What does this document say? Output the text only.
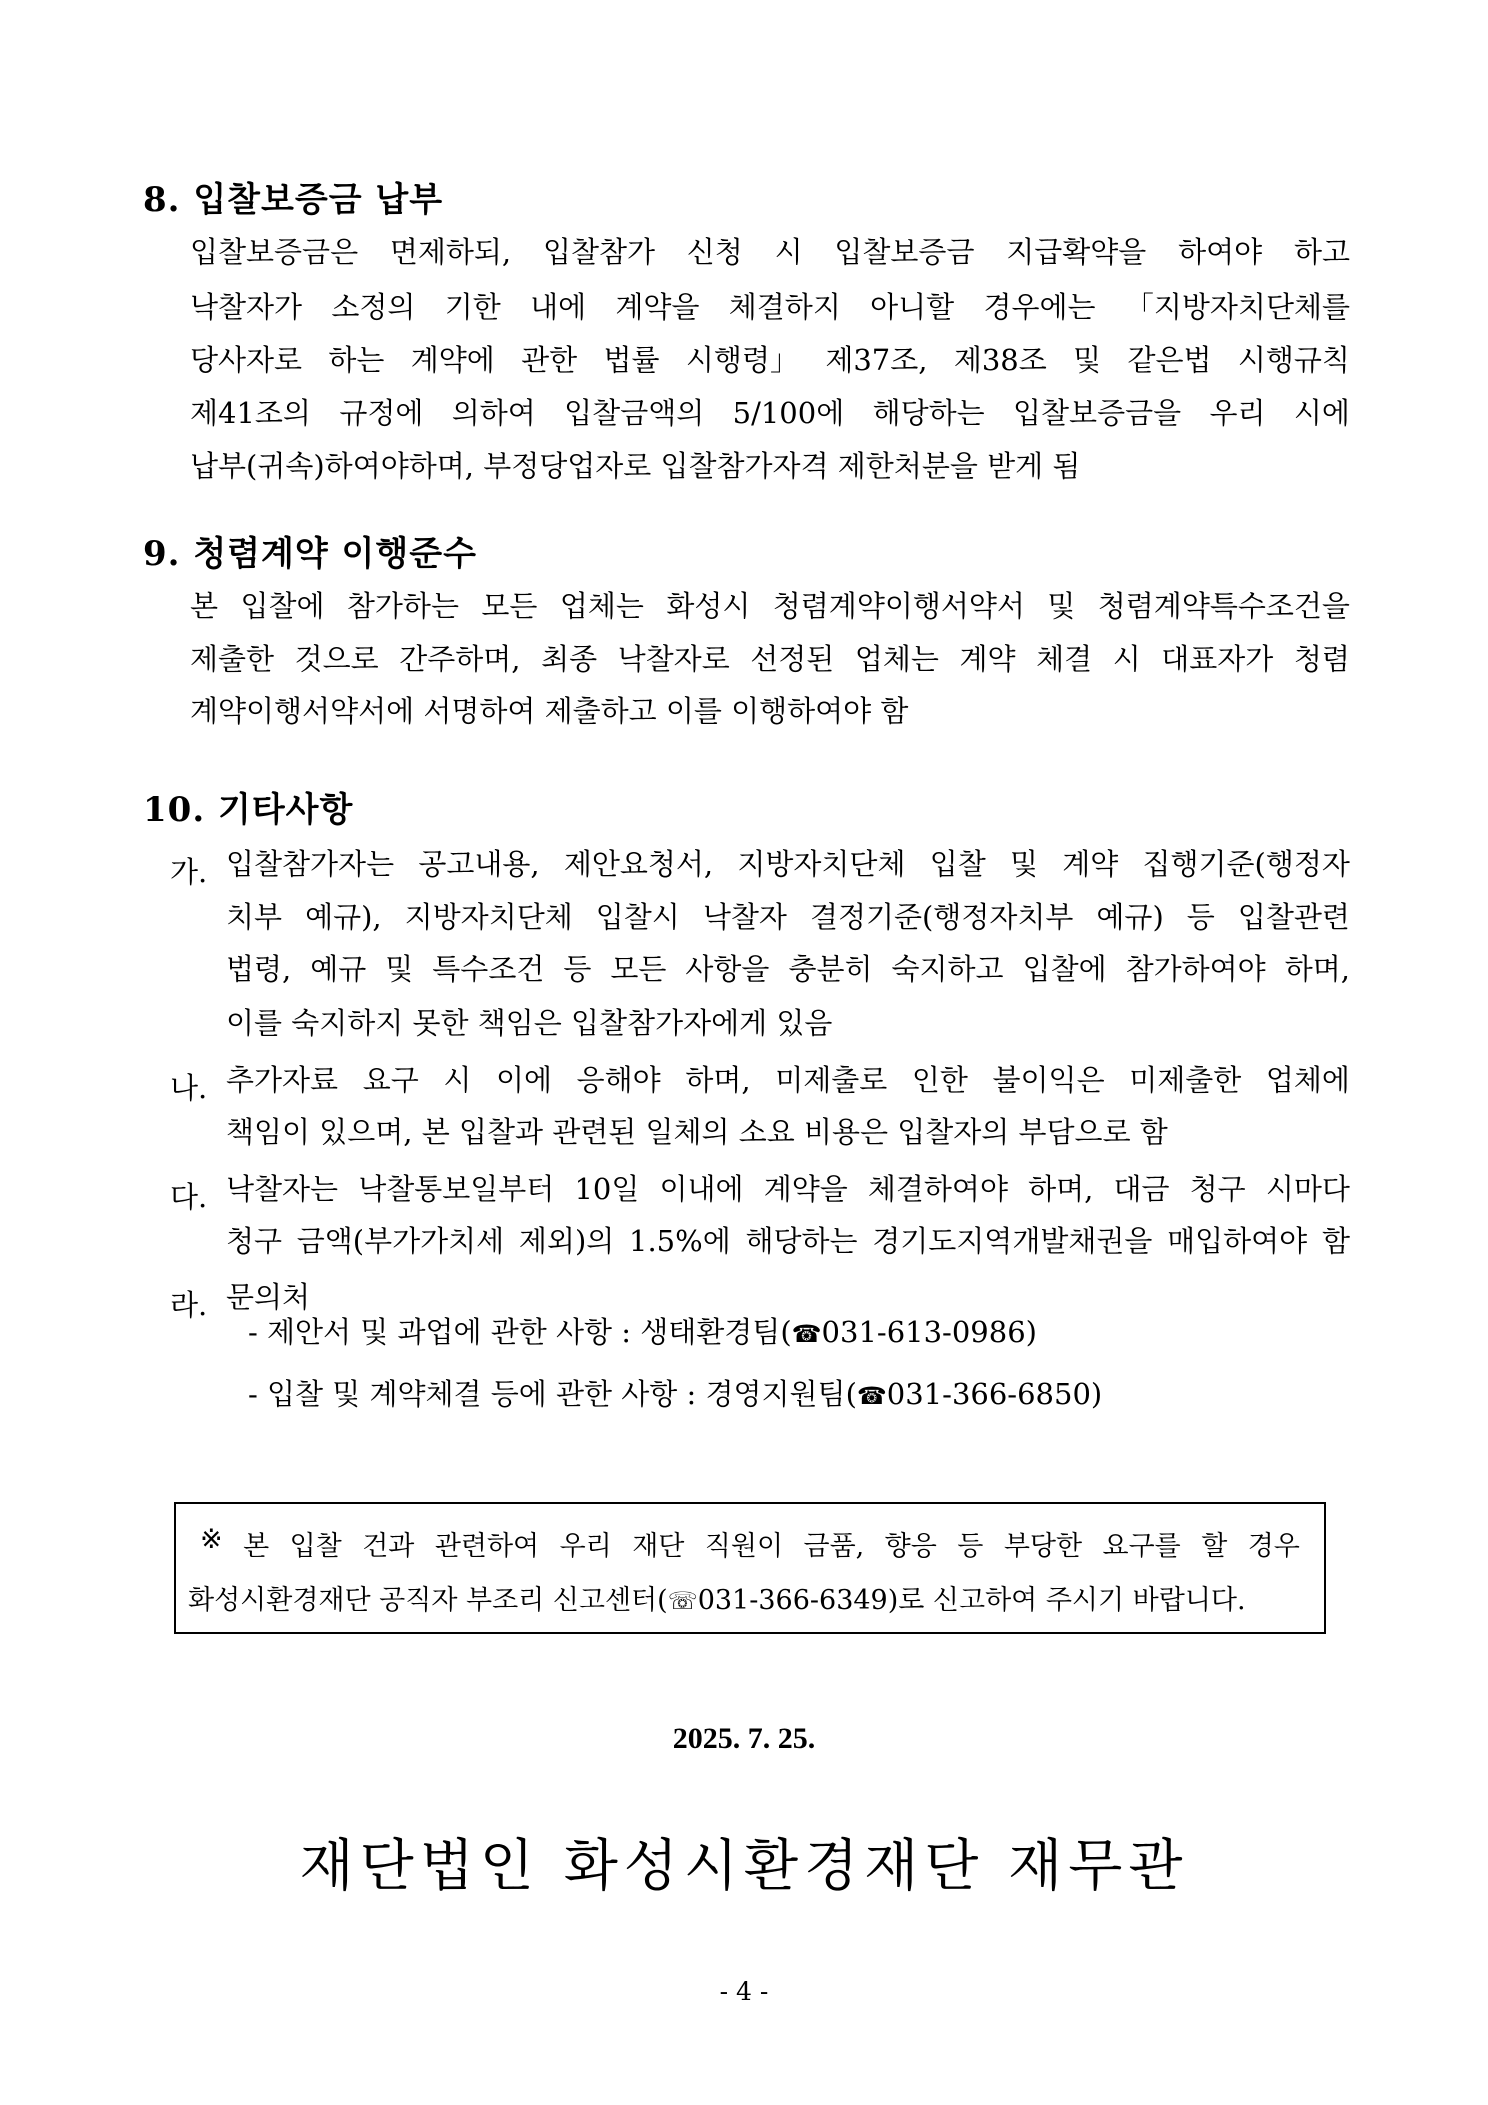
8. 입찰보증금 납부
입찰보증금은 면제하되, 입찰참가 신청 시 입찰보증금 지급확약을 하여야 하고
낙찰자가 소정의 기한 내에 계약을 체결하지 아니할 경우에는 「지방자치단체를
당사자로 하는 계약에 관한 법률 시행령」 제37조, 제38조 및 같은법 시행규칙
제41조의 규정에 의하여 입찰금액의 5/100에 해당하는 입찰보증금을 우리 시에
납부(귀속)하여야하며, 부정당업자로 입찰참가자격 제한처분을 받게 됨
9. 청렴계약 이행준수
본 입찰에 참가하는 모든 업체는 화성시 청렴계약이행서약서 및 청렴계약특수조건을
제출한 것으로 간주하며, 최종 낙찰자로 선정된 업체는 계약 체결 시 대표자가 청렴
계약이행서약서에 서명하여 제출하고 이를 이행하여야 함
10. 기타사항
가. 입찰참가자는 공고내용, 제안요청서, 지방자치단체 입찰 및 계약 집행기준(행정자
치부 예규), 지방자치단체 입찰시 낙찰자 결정기준(행정자치부 예규) 등 입찰관련
법령, 예규 및 특수조건 등 모든 사항을 충분히 숙지하고 입찰에 참가하여야 하며,
이를 숙지하지 못한 책임은 입찰참가자에게 있음
나. 추가자료 요구 시 이에 응해야 하며, 미제출로 인한 불이익은 미제출한 업체에
책임이 있으며, 본 입찰과 관련된 일체의 소요 비용은 입찰자의 부담으로 함
다. 낙찰자는 낙찰통보일부터 10일 이내에 계약을 체결하여야 하며, 대금 청구 시마다
청구 금액(부가가치세 제외)의 1.5%에 해당하는 경기도지역개발채권을 매입하여야 함
라. 문의처
- 제안서 및 과업에 관한 사항 : 생태환경팀(☎031-613-0986)
- 입찰 및 계약체결 등에 관한 사항 : 경영지원팀(☎031-366-6850)
※ 본 입찰 건과 관련하여 우리 재단 직원이 금품, 향응 등 부당한 요구를 할 경우
화성시환경재단 공직자 부조리 신고센터(☏031-366-6349)로 신고하여 주시기 바랍니다.
2025. 7. 25.
재단법인 화성시환경재단 재무관
- 4 -
